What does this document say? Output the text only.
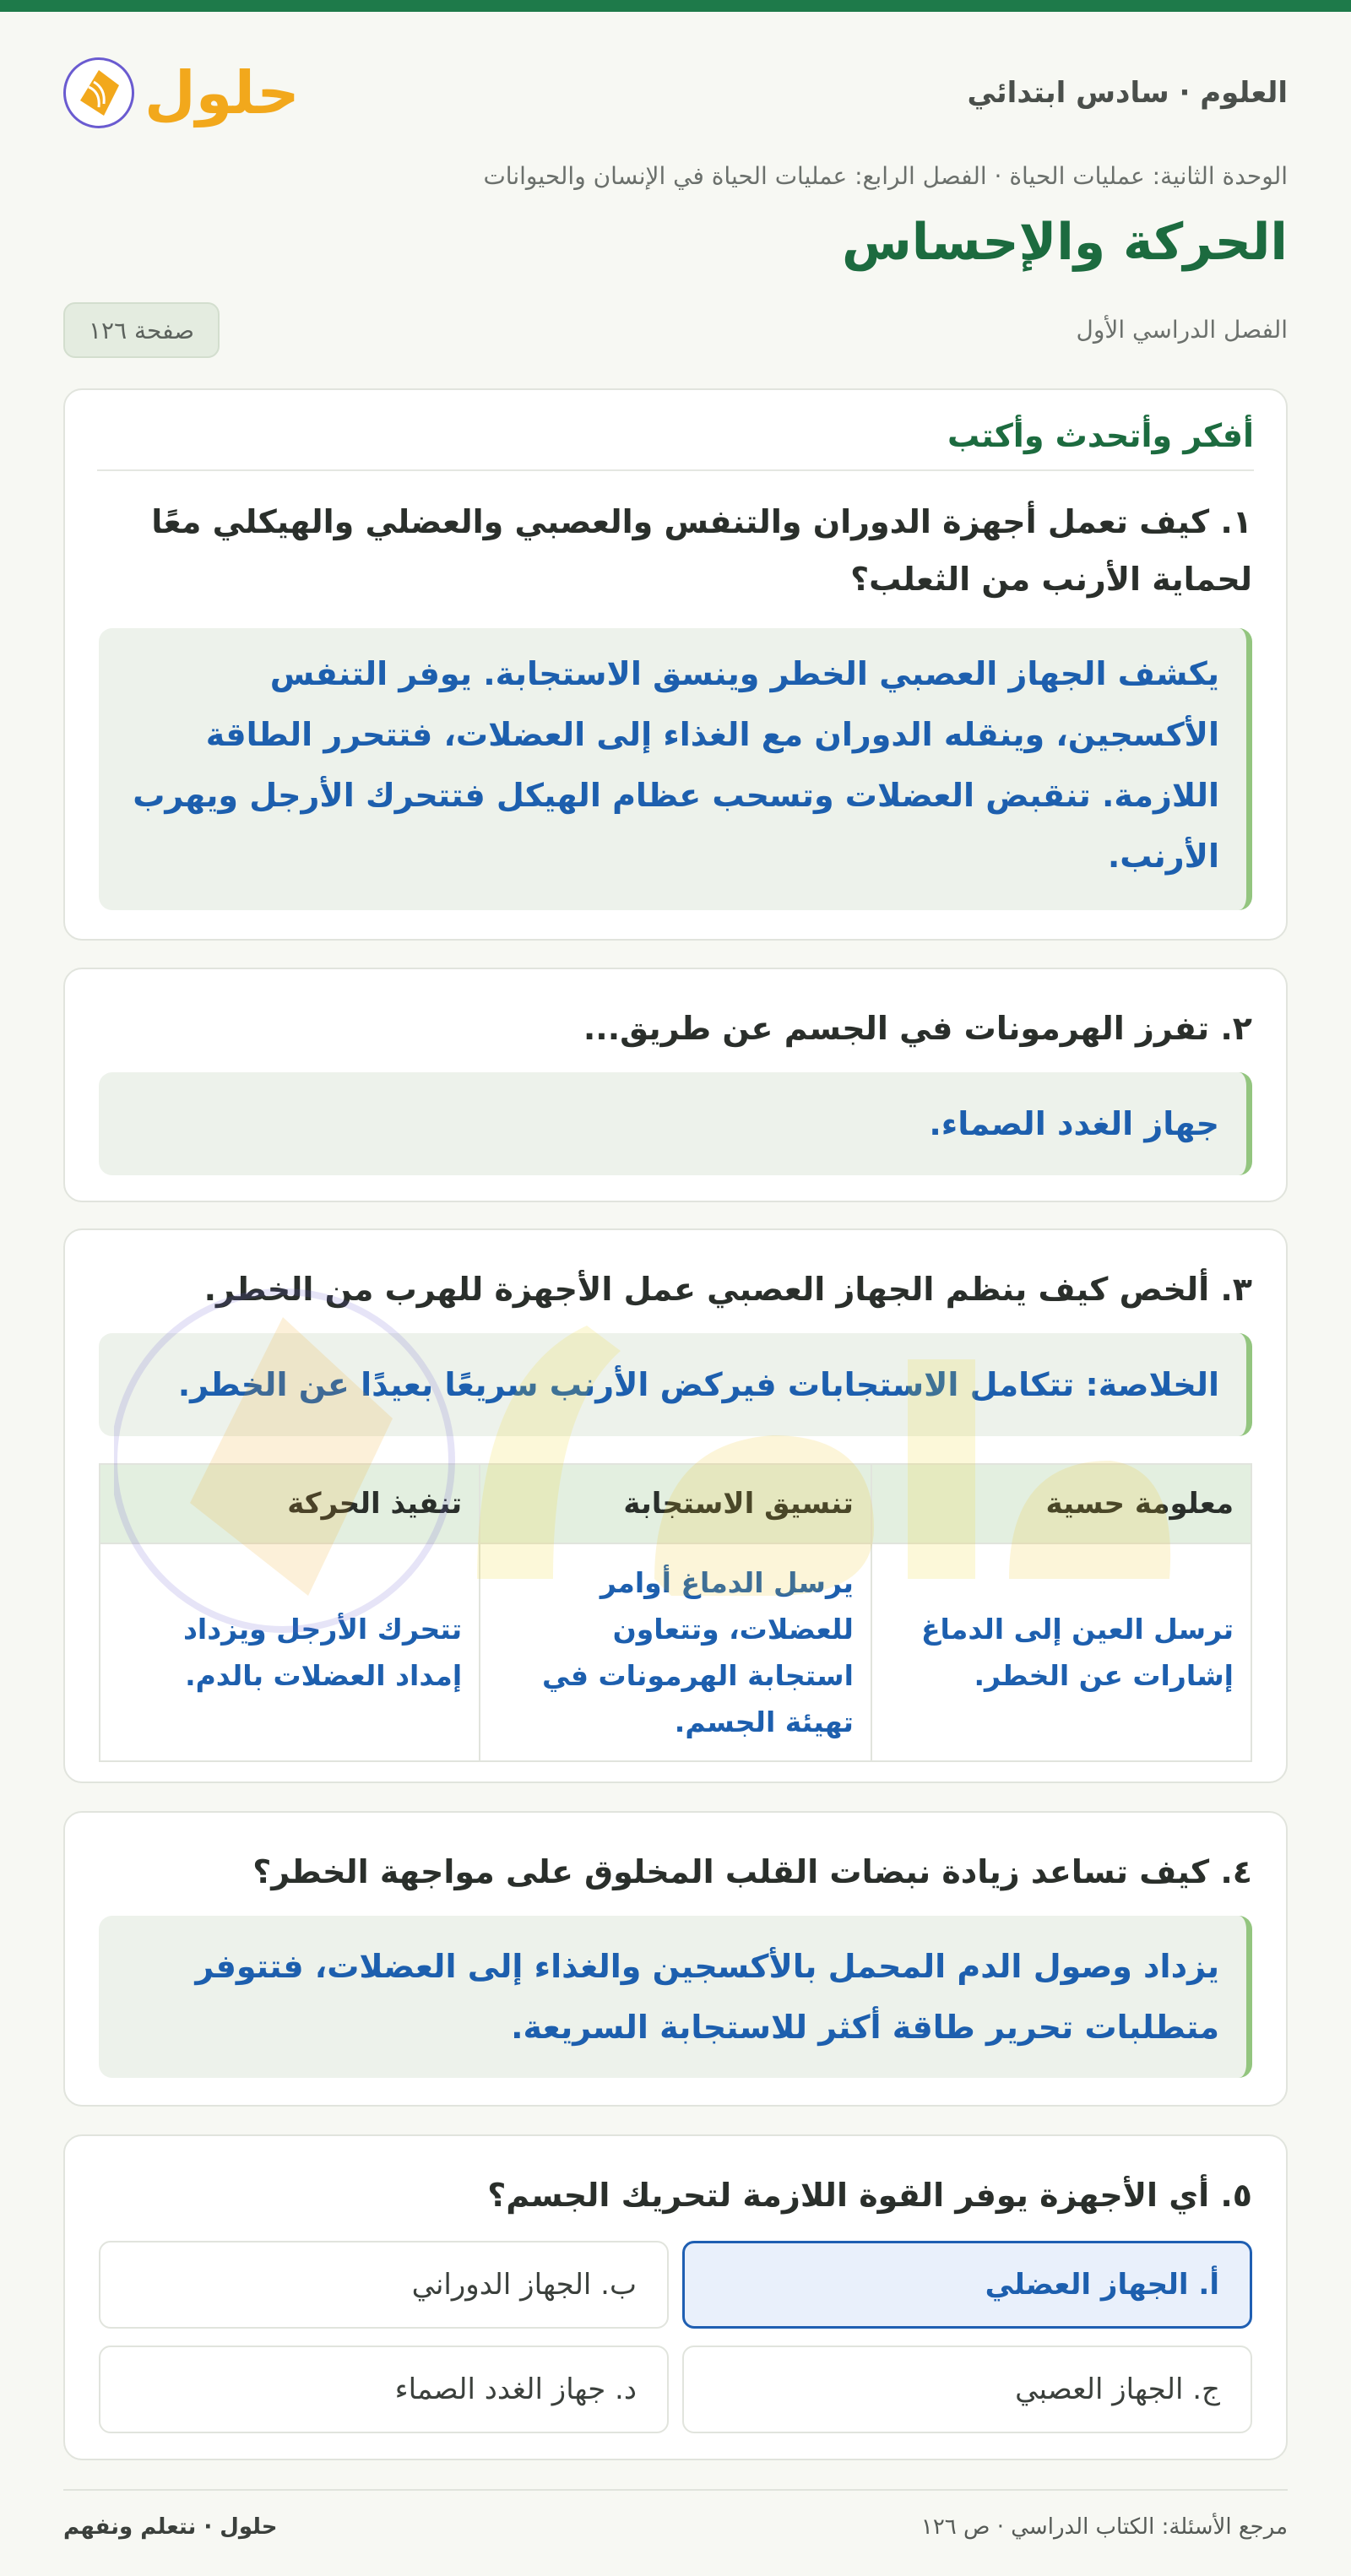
العلوم · سادس ابتدائي
حلول
الوحدة الثانية: عمليات الحياة · الفصل الرابع: عمليات الحياة في الإنسان والحيوانات
الحركة والإحساس
الفصل الدراسي الأول
صفحة ١٢٦
أفكر وأتحدث وأكتب
١. كيف تعمل أجهزة الدوران والتنفس والعصبي والعضلي والهيكلي معًا لحماية الأرنب من الثعلب؟
يكشف الجهاز العصبي الخطر وينسق الاستجابة. يوفر التنفس الأكسجين، وينقله الدوران مع الغذاء إلى العضلات، فتتحرر الطاقة اللازمة. تنقبض العضلات وتسحب عظام الهيكل فتتحرك الأرجل ويهرب الأرنب.
٢. تفرز الهرمونات في الجسم عن طريق...
جهاز الغدد الصماء.
٣. ألخص كيف ينظم الجهاز العصبي عمل الأجهزة للهرب من الخطر.
الخلاصة: تتكامل الاستجابات فيركض الأرنب سريعًا بعيدًا عن الخطر.
معلومة حسية	تنسيق الاستجابة	تنفيذ الحركة
ترسل العين إلى الدماغ إشارات عن الخطر.	يرسل الدماغ أوامر للعضلات، وتتعاون استجابة الهرمونات في تهيئة الجسم.	تتحرك الأرجل ويزداد إمداد العضلات بالدم.
٤. كيف تساعد زيادة نبضات القلب المخلوق على مواجهة الخطر؟
يزداد وصول الدم المحمل بالأكسجين والغذاء إلى العضلات، فتتوفر متطلبات تحرير طاقة أكثر للاستجابة السريعة.
٥. أي الأجهزة يوفر القوة اللازمة لتحريك الجسم؟
أ. الجهاز العضلي
ب. الجهاز الدوراني
ج. الجهاز العصبي
د. جهاز الغدد الصماء
مرجع الأسئلة: الكتاب الدراسي · ص ١٢٦
حلول · نتعلم ونفهم
